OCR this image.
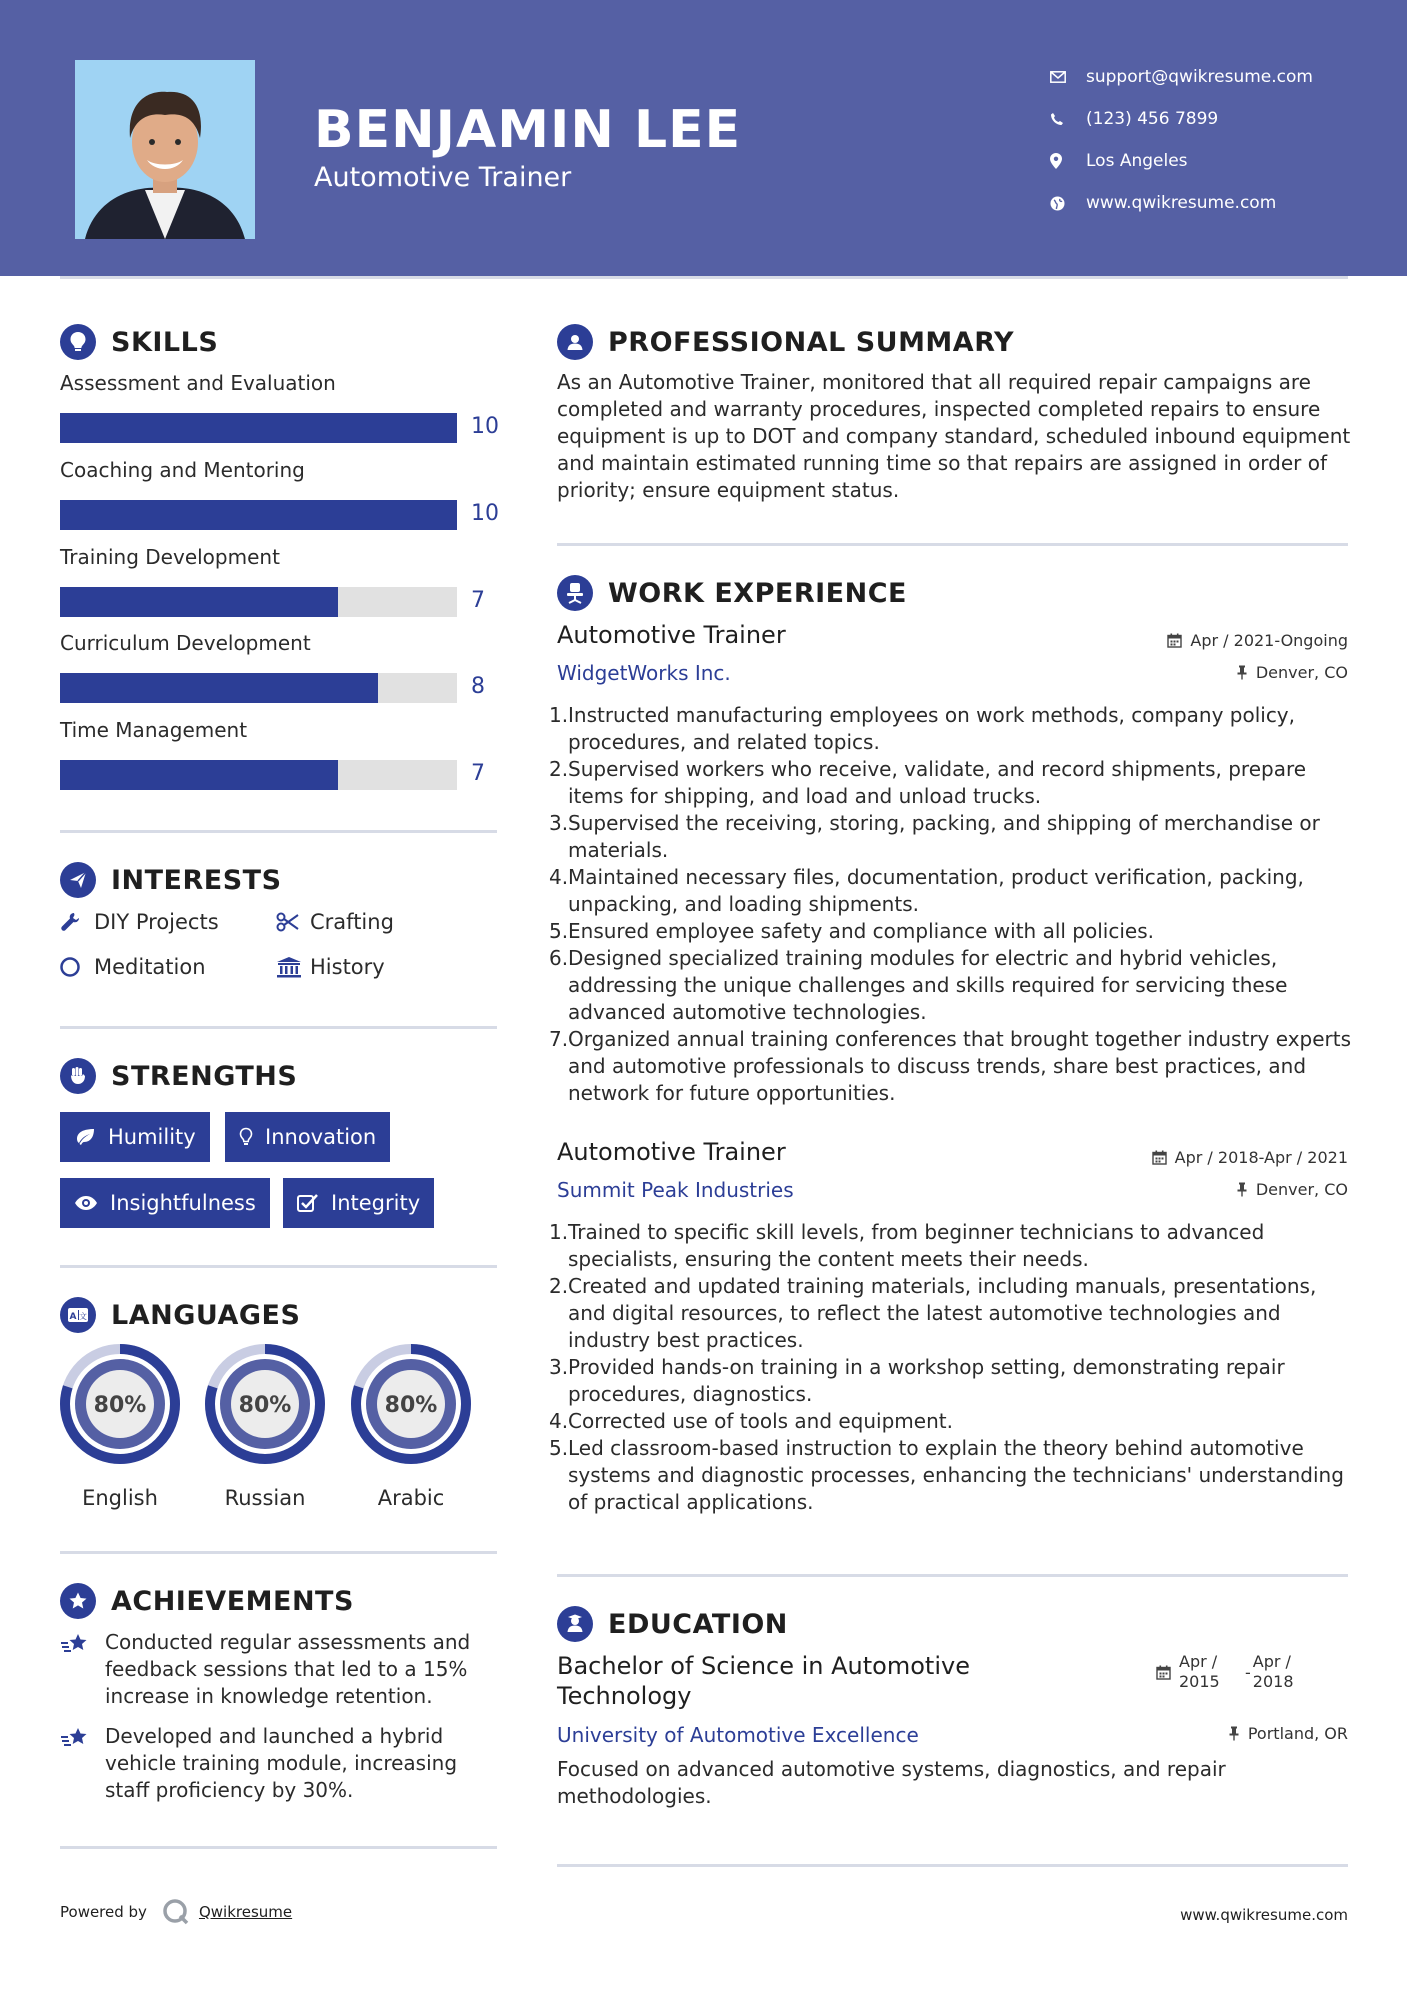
BENJAMIN LEE
Automotive Trainer
support@qwikresume.com
(123) 456 7899
Los Angeles
www.qwikresume.com
SKILLS
Assessment and Evaluation
10
Coaching and Mentoring
10
Training Development
7
Curriculum Development
8
Time Management
7
INTERESTS
DIY Projects	Crafting
Meditation	History
STRENGTHS
Humility	Innovation
Insightfulness	Integrity
A 文 LANGUAGES
80%
English
80%
Russian
80%
Arabic
ACHIEVEMENTS
Conducted regular assessments and feedback sessions that led to a 15% increase in knowledge retention.
Developed and launched a hybrid vehicle training module, increasing staff proficiency by 30%.
PROFESSIONAL SUMMARY
As an Automotive Trainer, monitored that all required repair campaigns are completed and warranty procedures, inspected completed repairs to ensure equipment is up to DOT and company standard, scheduled inbound equipment and maintain estimated running time so that repairs are assigned in order of priority; ensure equipment status.
WORK EXPERIENCE
Automotive Trainer
WidgetWorks Inc.
Apr / 2021-Ongoing
Denver, CO
1. Instructed manufacturing employees on work methods, company policy, procedures, and related topics.
2. Supervised workers who receive, validate, and record shipments, prepare items for shipping, and load and unload trucks.
3. Supervised the receiving, storing, packing, and shipping of merchandise or materials.
4. Maintained necessary files, documentation, product verification, packing, unpacking, and loading shipments.
5. Ensured employee safety and compliance with all policies.
6. Designed specialized training modules for electric and hybrid vehicles, addressing the unique challenges and skills required for servicing these advanced automotive technologies.
7. Organized annual training conferences that brought together industry experts and automotive professionals to discuss trends, share best practices, and network for future opportunities.
Automotive Trainer
Summit Peak Industries
Apr / 2018-Apr / 2021
Denver, CO
1. Trained to specific skill levels, from beginner technicians to advanced specialists, ensuring the content meets their needs.
2. Created and updated training materials, including manuals, presentations, and digital resources, to reflect the latest automotive technologies and industry best practices.
3. Provided hands-on training in a workshop setting, demonstrating repair procedures, diagnostics.
4. Corrected use of tools and equipment.
5. Led classroom-based instruction to explain the theory behind automotive systems and diagnostic processes, enhancing the technicians' understanding of practical applications.
EDUCATION
Bachelor of Science in Automotive
Technology
University of Automotive Excellence
Apr /
2015	-
Apr /
2018
Portland, OR
Focused on advanced automotive systems, diagnostics, and repair methodologies.
Powered by	Qwikresume	www.qwikresume.com
